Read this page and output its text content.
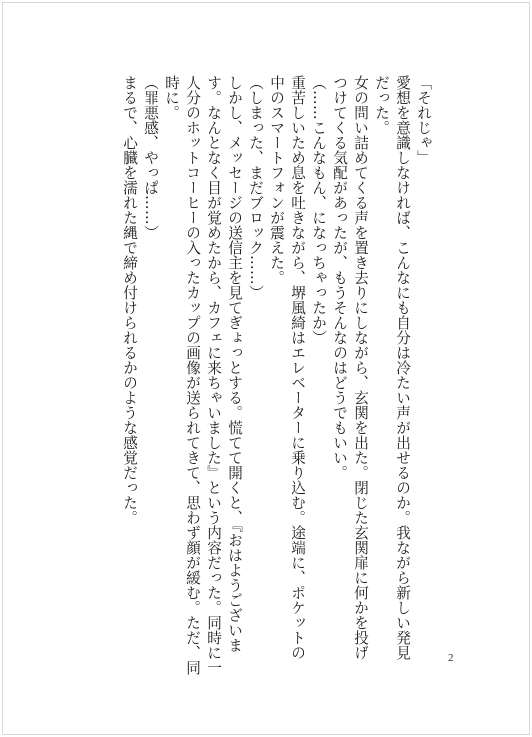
「それじゃ」
愛想を意識しなければ、こんなにも自分は冷たい声が出せるのか。我ながら新しい発見
だった。
女の問い詰めてくる声を置き去りにしながら、玄関を出た。閉じた玄関扉に何かを投げ
つけてくる気配があったが、もうそんなのはどうでもいい。
（……こんなもん、になっちゃったか）
重苦しいため息を吐きながら、堺風綺はエレベーターに乗り込む。途端に、ポケットの
中のスマートフォンが震えた。
（しまった、まだブロック……）
しかし、メッセージの送信主を見てぎょっとする。慌てて開くと、『おはようございま
す。なんとなく目が覚めたから、カフェに来ちゃいました』という内容だった。同時に一
人分のホットコーヒーの入ったカップの画像が送られてきて、思わず顔が緩む。ただ、同
時に。
（罪悪感、やっぱ……）
まるで、心臓を濡れた縄で締め付けられるかのような感覚だった。
2
